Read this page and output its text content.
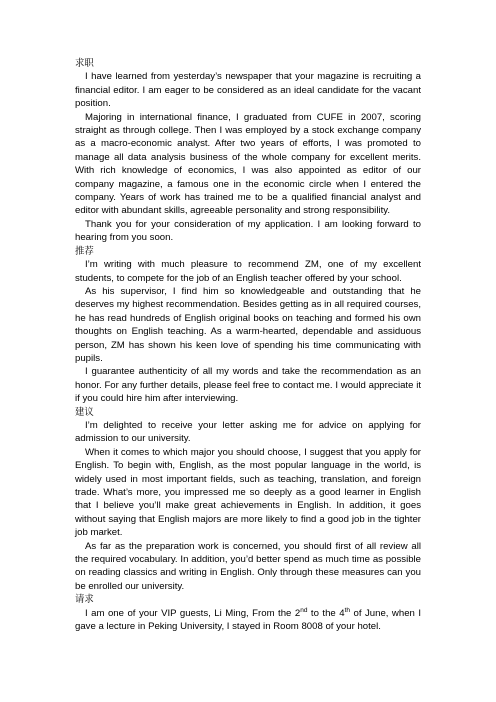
求职

I have learned from yesterday’s newspaper that your magazine is recruiting a financial editor. I am eager to be considered as an ideal candidate for the vacant position.

Majoring in international finance, I graduated from CUFE in 2007, scoring straight as through college. Then I was employed by a stock exchange company as a macro-economic analyst. After two years of efforts, I was promoted to manage all data analysis business of the whole company for excellent merits. With rich knowledge of economics, I was also appointed as editor of our company magazine, a famous one in the economic circle when I entered the company. Years of work has trained me to be a qualified financial analyst and editor with abundant skills, agreeable personality and strong responsibility.

Thank you for your consideration of my application. I am looking forward to hearing from you soon.

推荐

I’m writing with much pleasure to recommend ZM, one of my excellent students, to compete for the job of an English teacher offered by your school.

As his supervisor, I find him so knowledgeable and outstanding that he deserves my highest recommendation. Besides getting as in all required courses, he has read hundreds of English original books on teaching and formed his own thoughts on English teaching. As a warm-hearted, dependable and assiduous person, ZM has shown his keen love of spending his time communicating with pupils.

I guarantee authenticity of all my words and take the recommendation as an honor. For any further details, please feel free to contact me. I would appreciate it if you could hire him after interviewing.

建议

I’m delighted to receive your letter asking me for advice on applying for admission to our university.

When it comes to which major you should choose, I suggest that you apply for English. To begin with, English, as the most popular language in the world, is widely used in most important fields, such as teaching, translation, and foreign trade. What’s more, you impressed me so deeply as a good learner in English that I believe you’ll make great achievements in English. In addition, it goes without saying that English majors are more likely to find a good job in the tighter job market.

As far as the preparation work is concerned, you should first of all review all the required vocabulary. In addition, you’d better spend as much time as possible on reading classics and writing in English. Only through these measures can you be enrolled our university.

请求

I am one of your VIP guests, Li Ming, From the 2nd to the 4th of June, when I gave a lecture in Peking University, I stayed in Room 8008 of your hotel.
